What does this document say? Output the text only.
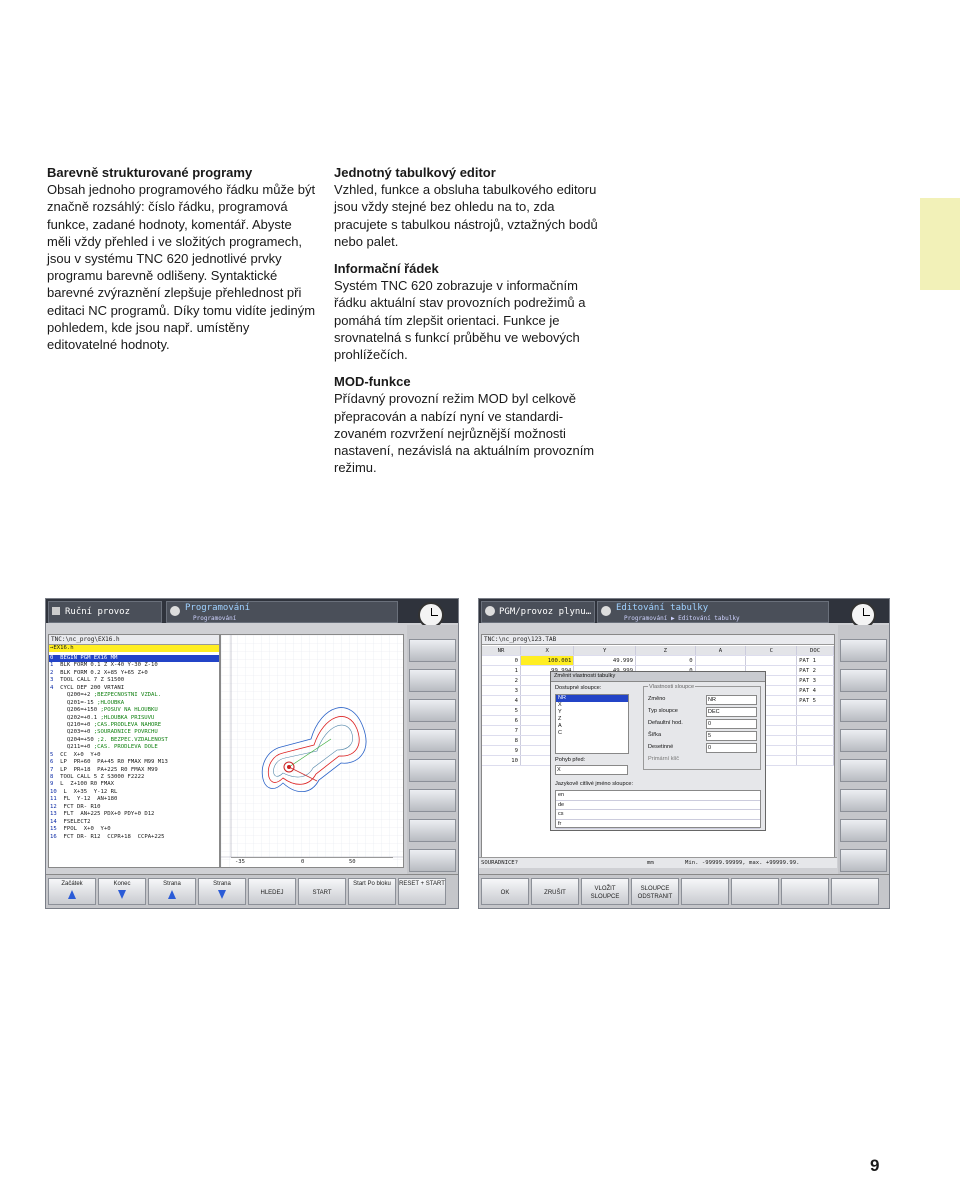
Barevně strukturované programy

Obsah jednoho programového řádku může být značně rozsáhlý: číslo řádku, programová funkce, zadané hodnoty, komentář. Abyste měli vždy přehled i ve složitých programech, jsou v systému TNC 620 jednotlivé prvky programu barevně odlišeny. Syntaktické barevné zvýraznění zlepšuje přehlednost při editaci NC programů. Díky tomu vidíte jediným pohledem, kde jsou např. umístěny editovatelné hodnoty.

Jednotný tabulkový editor

Vzhled, funkce a obsluha tabulkového editoru jsou vždy stejné bez ohledu na to, zda pracujete s tabulkou nástrojů, vztažných bodů nebo palet.

Informační řádek

Systém TNC 620 zobrazuje v informačním řádku aktuální stav provozních podrežimů a pomáhá tím zlepšit orientaci. Funkce je srovnatelná s funkcí průběhu ve webových prohlížečích.

MOD-funkce

Přídavný provozní režim MOD byl celkově přepracován a nabízí nyní ve standardi-zovaném rozvržení nejrůznější možnosti nastavení, nezávislá na aktuálním provozním režimu.

9
Ruční provoz	Programování
Programování
TNC:\nc_prog\EX16.h
→EX16.h
0 BEGIN PGM EX16 MM
1 BLK FORM 0.1 Z X-40 Y-30 Z-10
2 BLK FORM 0.2 X+85 Y+65 Z+0
3 TOOL CALL 7 Z S1500
4 CYCL DEF 200 VRTANI
Q200=+2 ;BEZPECNOSTNI VZDAL.
Q201=-15 ;HLOUBKA
Q206=+150 ;POSUV NA HLOUBKU
Q202=+0.1 ;HLOUBKA PRISUVU
Q210=+0 ;CAS.PRODLEVA NAHORE
Q203=+0 ;SOURADNICE POVRCHU
Q204=+50 ;2. BEZPEC.VZDALENOST
Q211=+0 ;CAS. PRODLEVA DOLE
5 CC  X+0  Y+0
6 LP  PR+60  PA+45 R0 FMAX M99 M13
7 LP  PR+18  PA+225 R0 FMAX M99
8 TOOL CALL 5 Z S3000 F2222
9 L  Z+100 R0 FMAX
10 L  X+35  Y-12 RL
11 FL  Y-12  AN+180
12 FCT DR- R10
13 FLT  AN+225 PDX+0 PDY+0 D12
14 FSELECT2
15 FPOL  X+0  Y+0
16 FCT DR- R12  CCPR+18  CCPA+225
-35	0	50
Začátek	Konec	Strana	Strana
HLEDEJ	START
Start Po bloku	RESET + START
PGM/provoz plynu…	Editování tabulky
Programování ▶ Editování tabulky
TNC:\nc_prog\123.TAB
NR	X	Y	Z	A	C	DOC
0	100.001	49.999	0			PAT 1
1						PAT 2
2						PAT 3
3						PAT 4
4						PAT 5
5						
6						
7						
8						
9						
10						
Změnit vlastnosti tabulky
Dostupné sloupce:
NR
X
Y
Z
A
C
Pohyb před:
X
Vlastnosti sloupce
Změno	NR
Typ sloupce	DEC
Defaultní hod.	0
Šířka	5
Desetinné	0
Primární klíč
Jazykově citlivé jméno sloupce:
en
de
cs
fr
SOURADNICE?	mm	Min. -99999.99999, max. +99999.99.
OK	ZRUŠIT
VLOŽIT SLOUPCE
SLOUPCE ODSTRANIT
